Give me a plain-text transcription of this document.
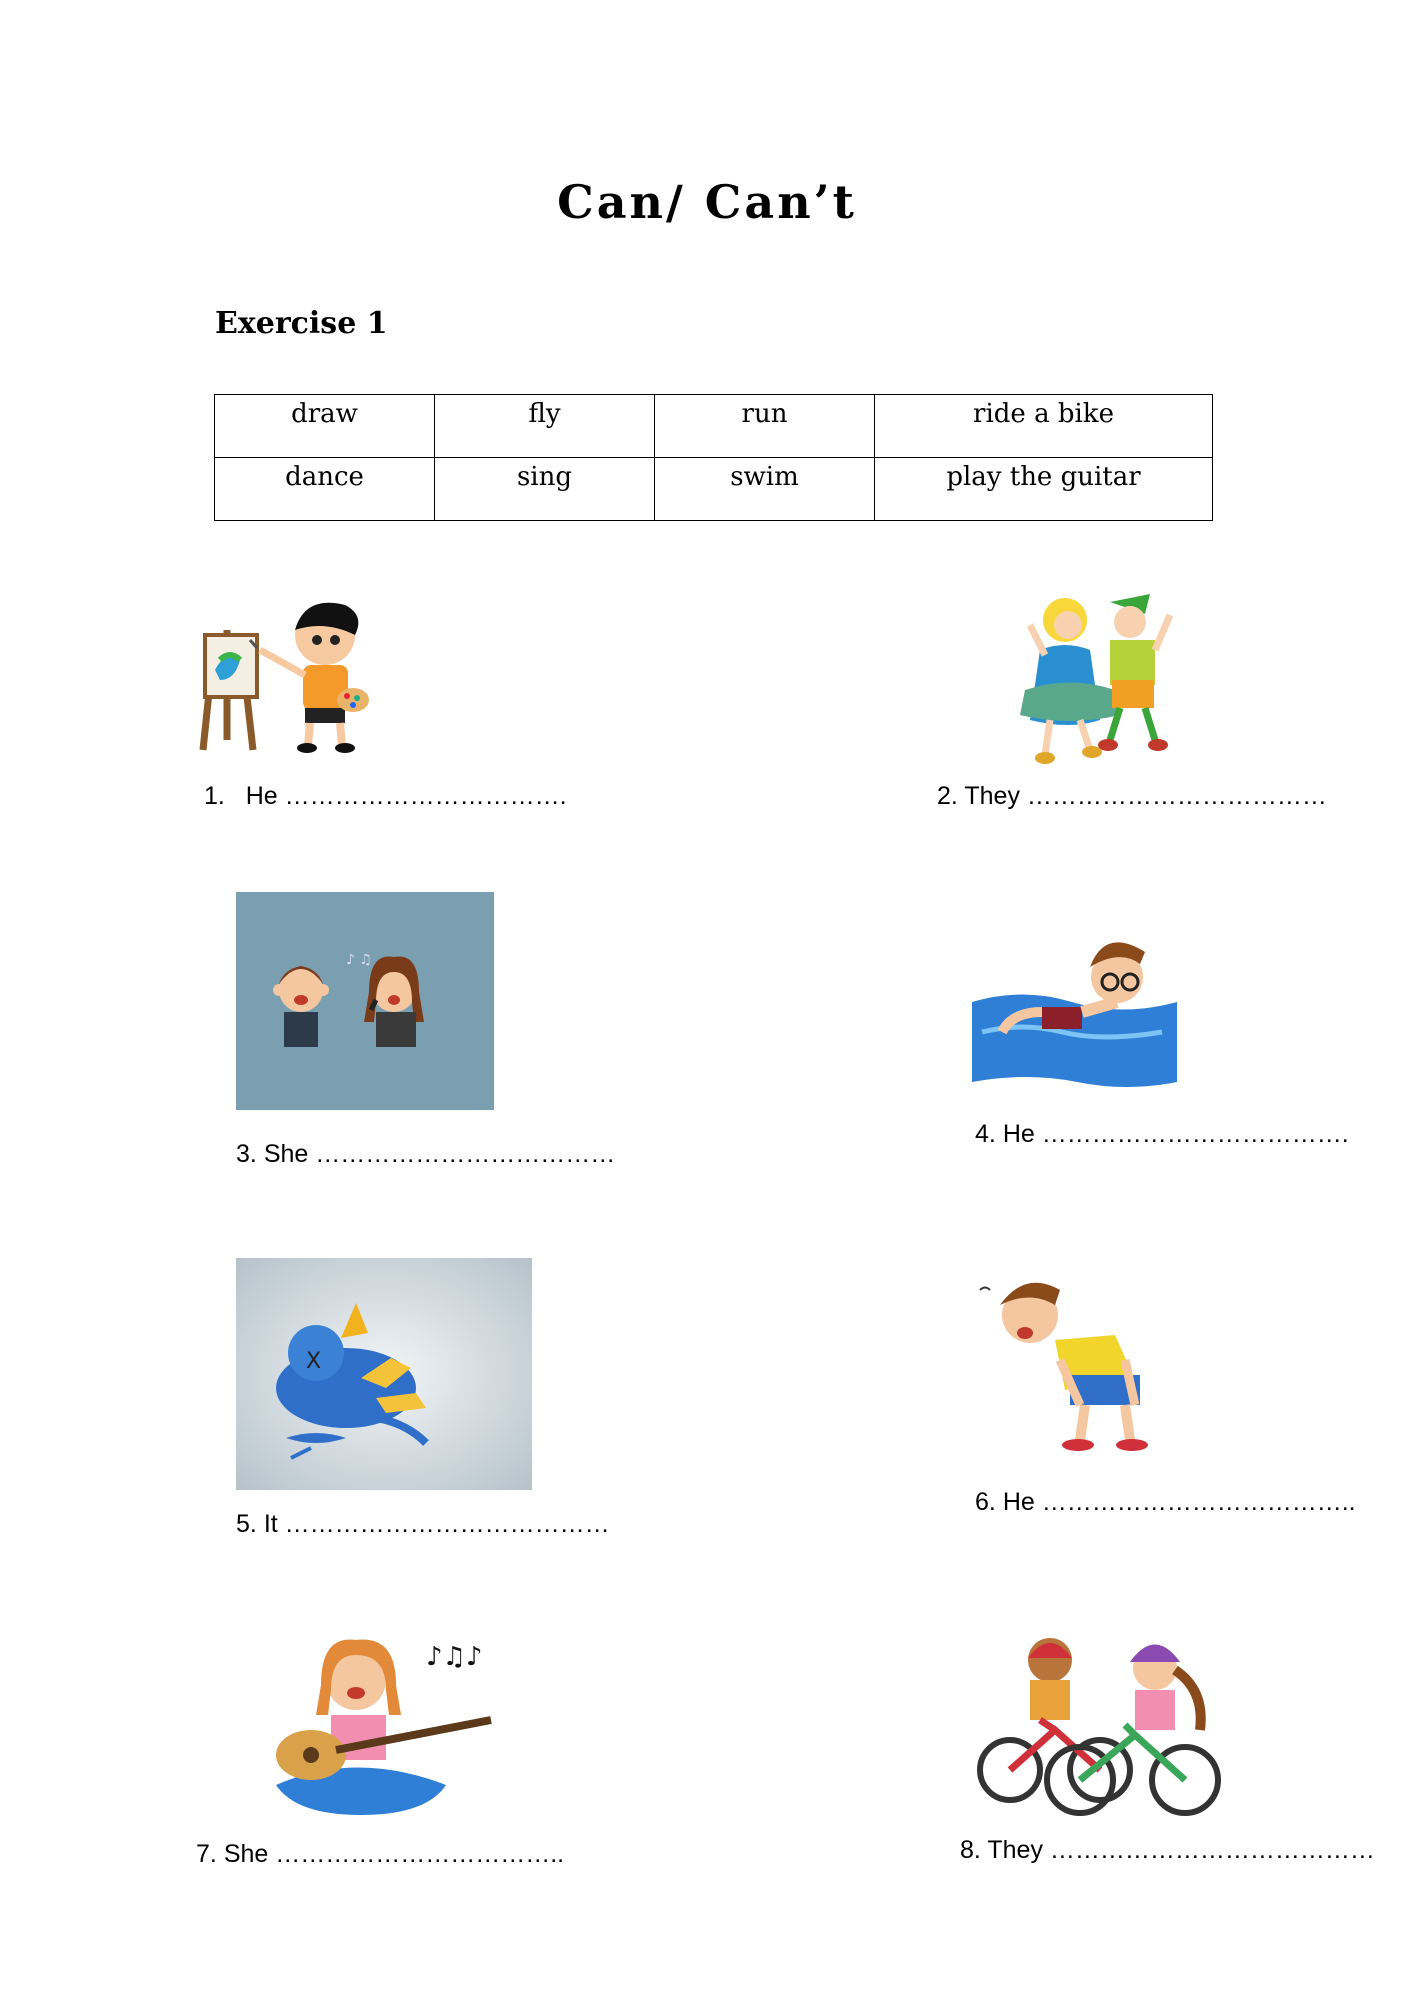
Can/ Can’t
Exercise 1
draw	fly	run	ride a bike
dance	sing	swim	play the guitar
1. He …………………………….	2. They ………………………………
♪ ♫
3. She ………………………………
4. He ……………………………….
X
5. It …………………………………
6. He ………………………………..
♪♫♪
7. She ……………………………..	8. They …………………………………
